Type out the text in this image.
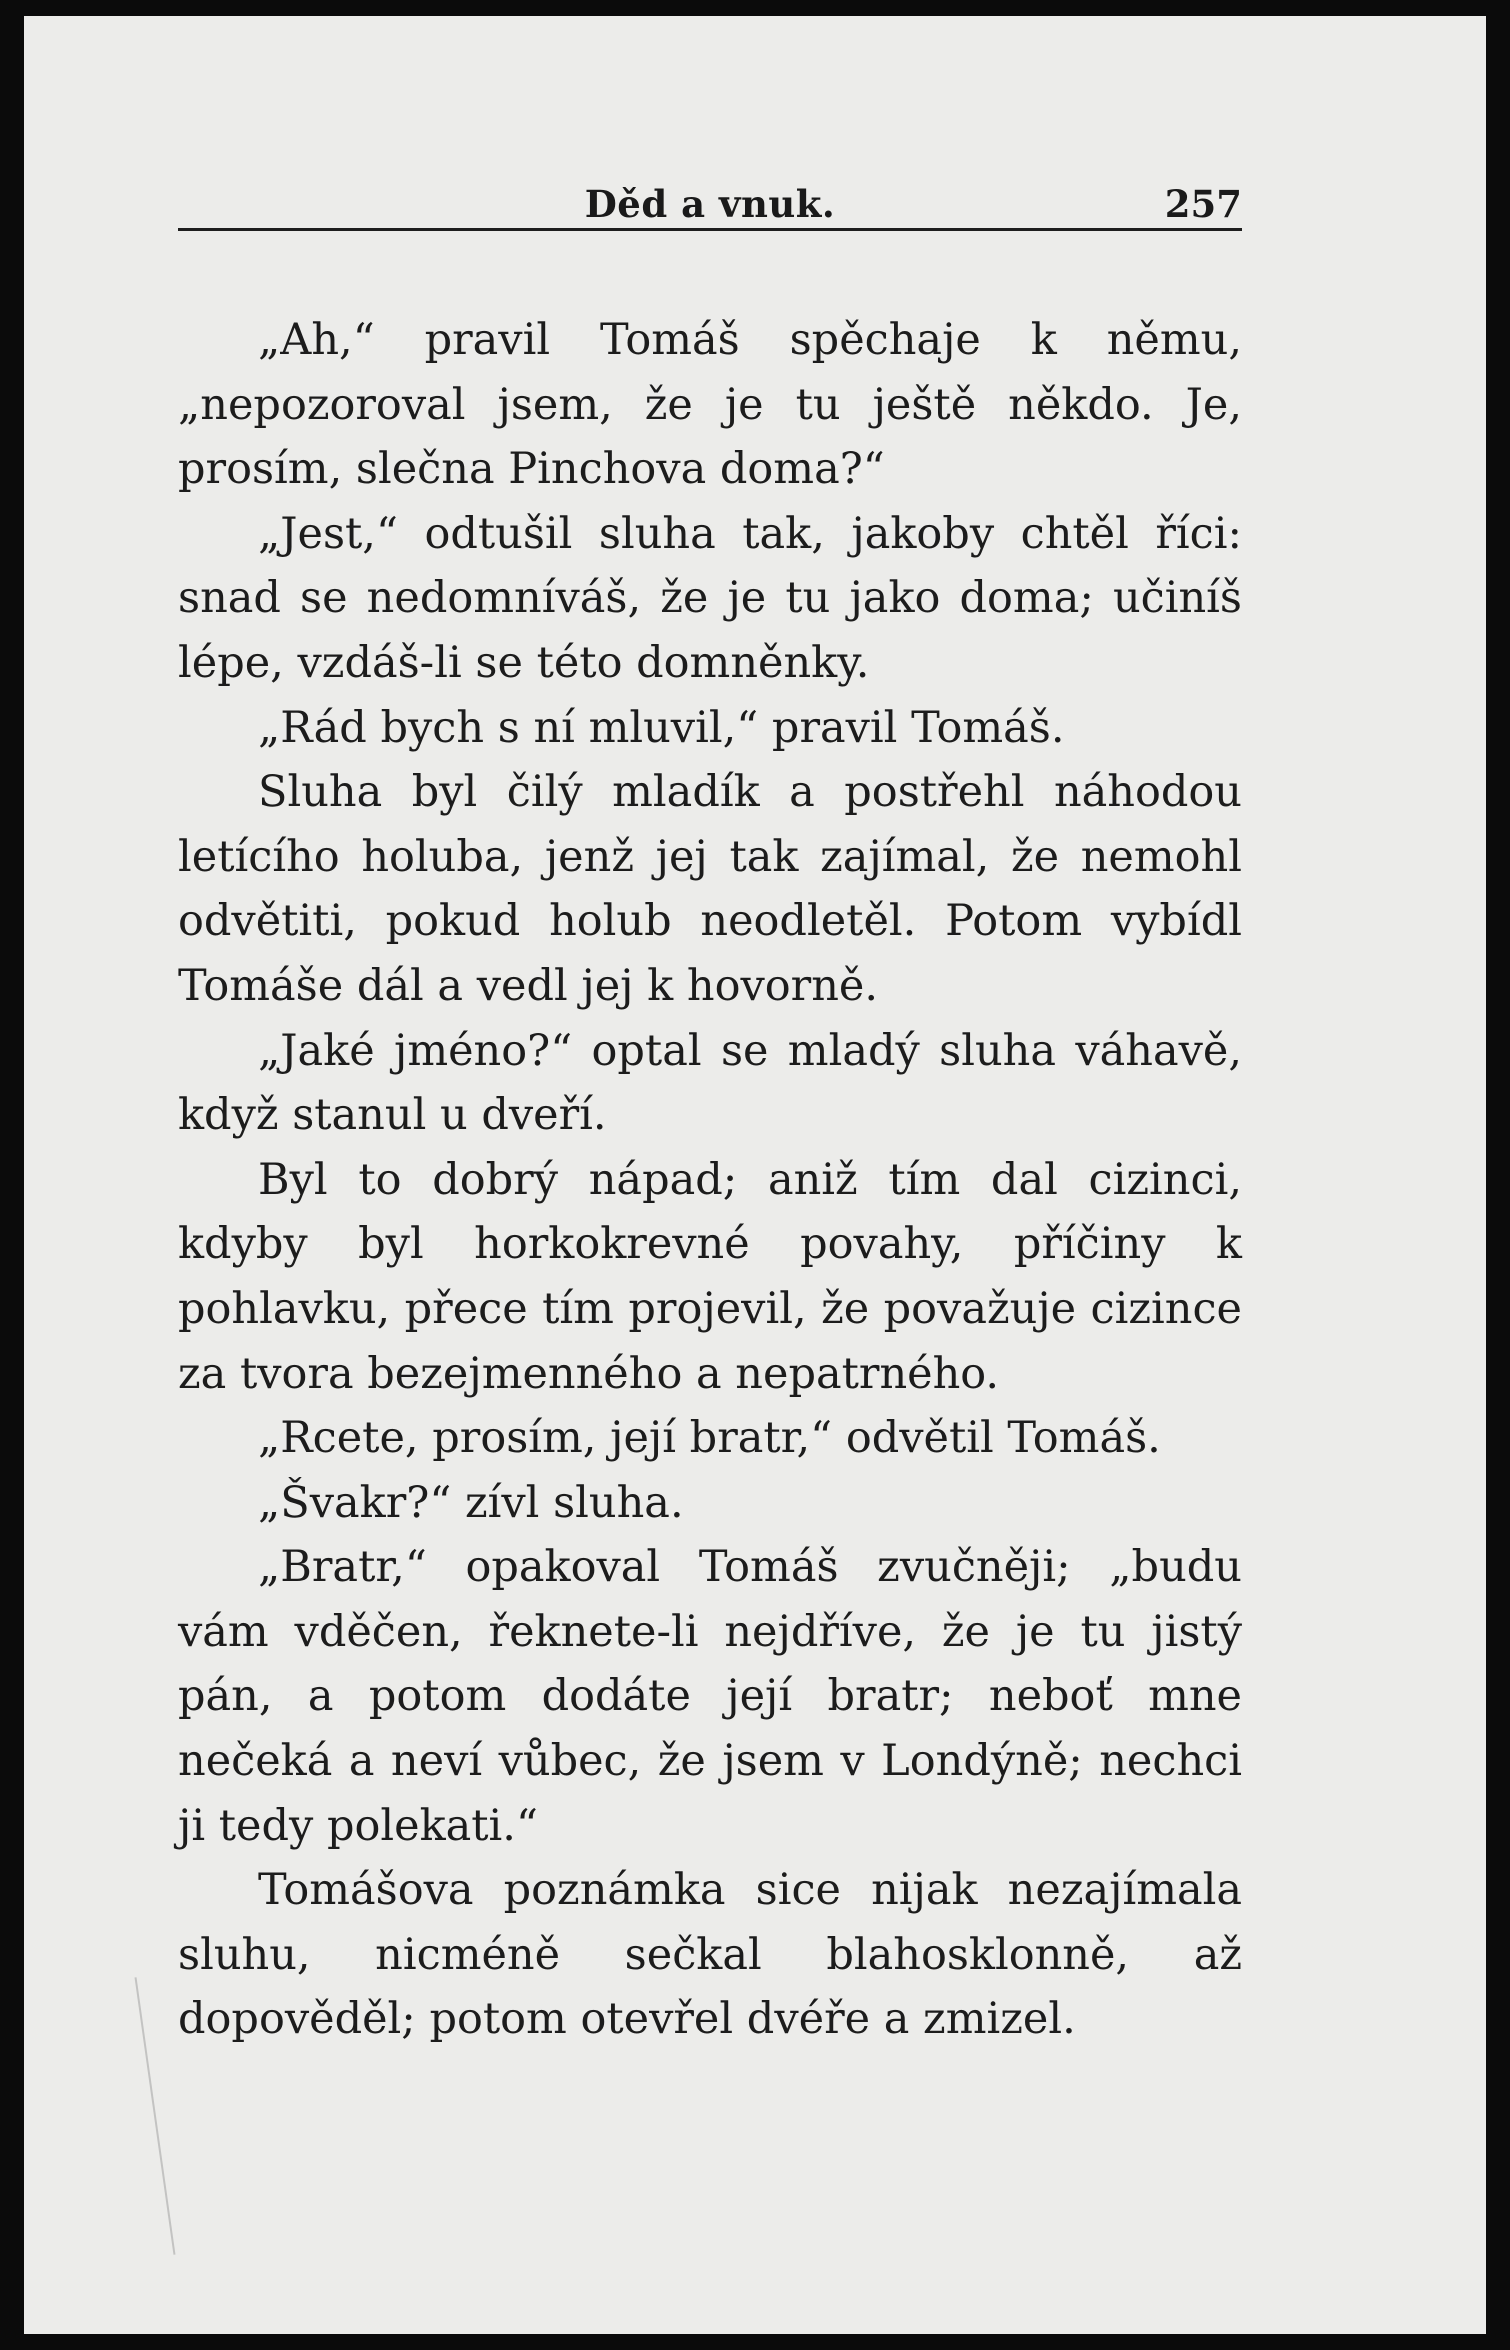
Děd a vnuk.	257

„Ah,“ pravil Tomáš spěchaje k němu, „nepozoroval jsem, že je tu ještě někdo. Je, prosím, slečna Pinchova doma?“

„Jest,“ odtušil sluha tak, jakoby chtěl říci: snad se nedomníváš, že je tu jako doma; učiníš lépe, vzdáš-li se této domněnky.

„Rád bych s ní mluvil,“ pravil Tomáš.

Sluha byl čilý mladík a postřehl náhodou letícího holuba, jenž jej tak zajímal, že nemohl odvětiti, pokud holub neodletěl. Potom vybídl Tomáše dál a vedl jej k hovorně.

„Jaké jméno?“ optal se mladý sluha váhavě, když stanul u dveří.

Byl to dobrý nápad; aniž tím dal cizinci, kdyby byl horkokrevné povahy, příčiny k pohlavku, přece tím projevil, že považuje cizince za tvora bezejmenného a nepatrného.

„Rcete, prosím, její bratr,“ odvětil Tomáš.

„Švakr?“ zívl sluha.

„Bratr,“ opakoval Tomáš zvučněji; „budu vám vděčen, řeknete-li nejdříve, že je tu jistý pán, a potom dodáte její bratr; neboť mne nečeká a neví vůbec, že jsem v Londýně; nechci ji tedy polekati.“

Tomášova poznámka sice nijak nezajímala sluhu, nicméně sečkal blahosklonně, až dopověděl; potom otevřel dvéře a zmizel.
